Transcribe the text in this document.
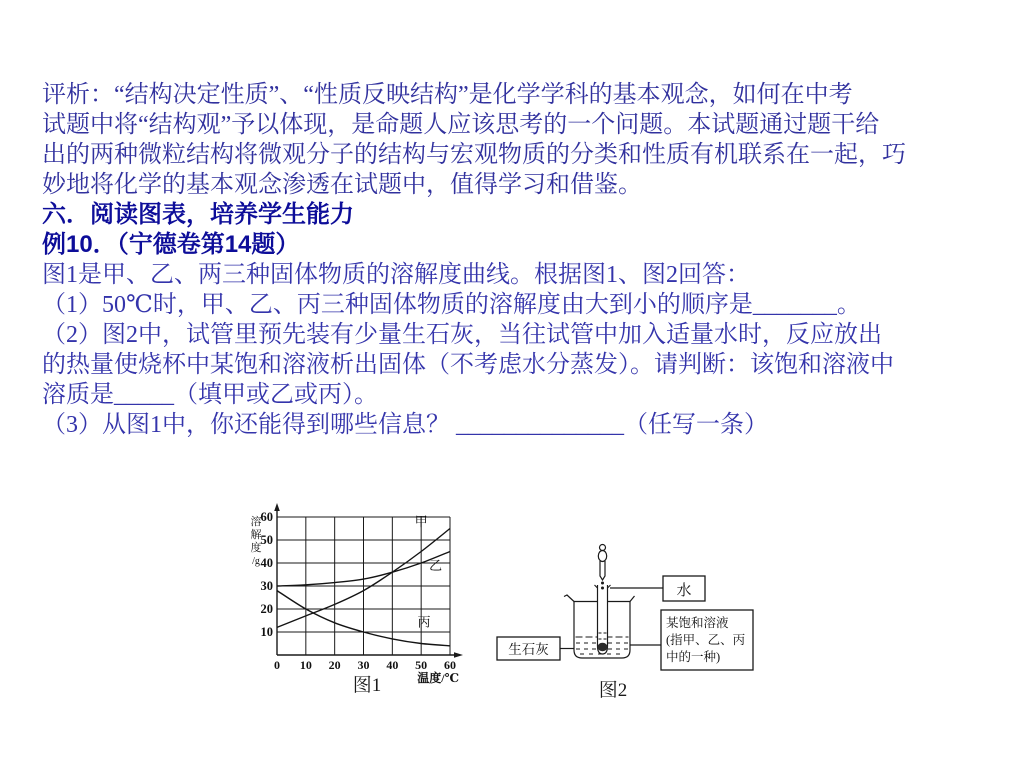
评析：“结构决定性质”、“性质反映结构”是化学学科的基本观念，如何在中考

试题中将“结构观”予以体现，是命题人应该思考的一个问题。本试题通过题干给

出的两种微粒结构将微观分子的结构与宏观物质的分类和性质有机联系在一起，巧

妙地将化学的基本观念渗透在试题中，值得学习和借鉴。

六．阅读图表，培养学生能力

例10．（宁德卷第14题）

图1是甲、乙、两三种固体物质的溶解度曲线。根据图1、图2回答：

（1）50℃时，甲、乙、丙三种固体物质的溶解度由大到小的顺序是_______。

（2）图2中，试管里预先装有少量生石灰，当往试管中加入适量水时，反应放出

的热量使烧杯中某饱和溶液析出固体（不考虑水分蒸发）。请判断：该饱和溶液中

溶质是_____（填甲或乙或丙）。

（3）从图1中，你还能得到哪些信息？ ______________（任写一条）

0 10 20 30 40 50 60
10
20
30
40
50
60
溶
解
度
/g
温度/℃
甲
乙
丙
图1
水
生石灰
某饱和溶液
(指甲、乙、丙
中的一种)
图2
